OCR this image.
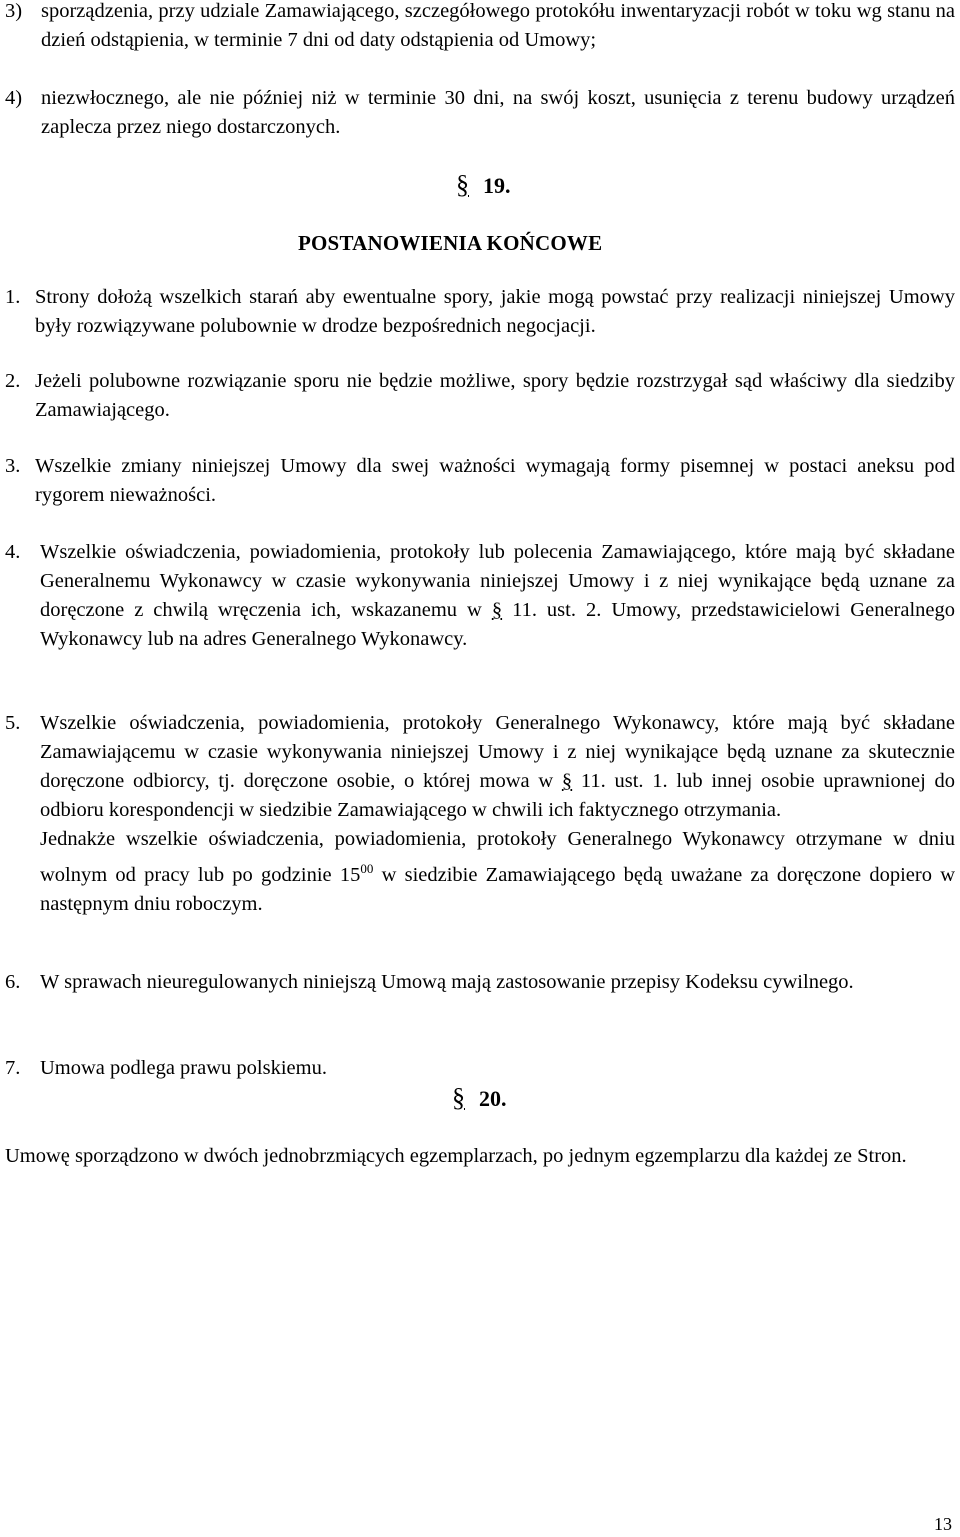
3) sporządzenia, przy udziale Zamawiającego, szczegółowego protokółu inwentaryzacji robót w toku wg stanu na dzień odstąpienia, w terminie 7 dni od daty odstąpienia od Umowy;
4) niezwłocznego, ale nie później niż w terminie 30 dni, na swój koszt, usunięcia z terenu budowy urządzeń zaplecza przez niego dostarczonych.
§ 19.
POSTANOWIENIA KOŃCOWE
1. Strony dołożą wszelkich starań aby ewentualne spory, jakie mogą powstać przy realizacji niniejszej Umowy były rozwiązywane polubownie w drodze bezpośrednich negocjacji.
2. Jeżeli polubowne rozwiązanie sporu nie będzie możliwe, spory będzie rozstrzygał sąd właściwy dla siedziby Zamawiającego.
3. Wszelkie zmiany niniejszej Umowy dla swej ważności wymagają formy pisemnej w postaci aneksu pod rygorem nieważności.
4. Wszelkie oświadczenia, powiadomienia, protokoły lub polecenia Zamawiającego, które mają być składane Generalnemu Wykonawcy w czasie wykonywania niniejszej Umowy i z niej wynikające będą uznane za doręczone z chwilą wręczenia ich, wskazanemu w § 11. ust. 2. Umowy, przedstawicielowi Generalnego Wykonawcy lub na adres Generalnego Wykonawcy.
5. Wszelkie oświadczenia, powiadomienia, protokoły Generalnego Wykonawcy, które mają być składane Zamawiającemu w czasie wykonywania niniejszej Umowy i z niej wynikające będą uznane za skutecznie doręczone odbiorcy, tj. doręczone osobie, o której mowa w § 11. ust. 1. lub innej osobie uprawnionej do odbioru korespondencji w siedzibie Zamawiającego w chwili ich faktycznego otrzymania.
Jednakże wszelkie oświadczenia, powiadomienia, protokoły Generalnego Wykonawcy otrzymane w dniu wolnym od pracy lub po godzinie $15^{00}$ w siedzibie Zamawiającego będą uważane za doręczone dopiero w następnym dniu roboczym.
6. W sprawach nieuregulowanych niniejszą Umową mają zastosowanie przepisy Kodeksu cywilnego.
7. Umowa podlega prawu polskiemu.
§ 20.
Umowę sporządzono w dwóch jednobrzmiących egzemplarzach, po jednym egzemplarzu dla każdej ze Stron.
13
